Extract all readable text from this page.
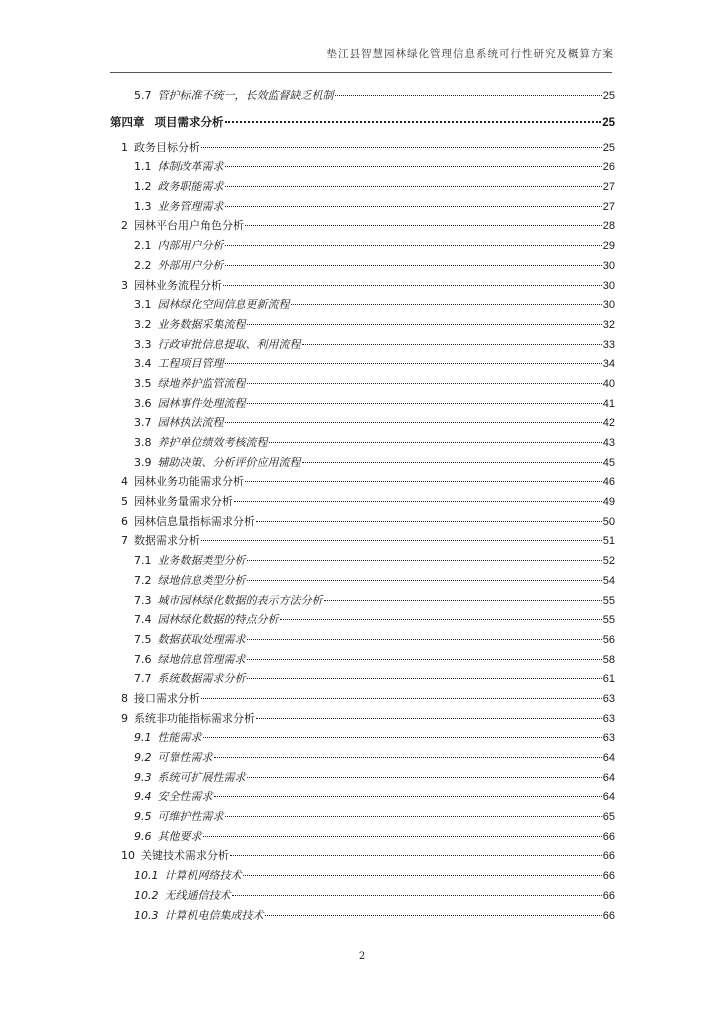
垫江县智慧园林绿化管理信息系统可行性研究及概算方案
5.7 管护标准不统一，长效监督缺乏机制	25
第四章 项目需求分析	25
1 政务目标分析	25
1.1 体制改革需求	26
1.2 政务职能需求	27
1.3 业务管理需求	27
2 园林平台用户角色分析	28
2.1 内部用户分析	29
2.2 外部用户分析	30
3 园林业务流程分析	30
3.1 园林绿化空间信息更新流程	30
3.2 业务数据采集流程	32
3.3 行政审批信息提取、利用流程	33
3.4 工程项目管理	34
3.5 绿地养护监管流程	40
3.6 园林事件处理流程	41
3.7 园林执法流程	42
3.8 养护单位绩效考核流程	43
3.9 辅助决策、分析评价应用流程	45
4 园林业务功能需求分析	46
5 园林业务量需求分析	49
6 园林信息量指标需求分析	50
7 数据需求分析	51
7.1 业务数据类型分析	52
7.2 绿地信息类型分析	54
7.3 城市园林绿化数据的表示方法分析	55
7.4 园林绿化数据的特点分析	55
7.5 数据获取处理需求	56
7.6 绿地信息管理需求	58
7.7 系统数据需求分析	61
8 接口需求分析	63
9 系统非功能指标需求分析	63
9.1 性能需求	63
9.2 可靠性需求	64
9.3 系统可扩展性需求	64
9.4 安全性需求	64
9.5 可维护性需求	65
9.6 其他要求	66
10 关键技术需求分析	66
10.1 计算机网络技术	66
10.2 无线通信技术	66
10.3 计算机电信集成技术	66
2
